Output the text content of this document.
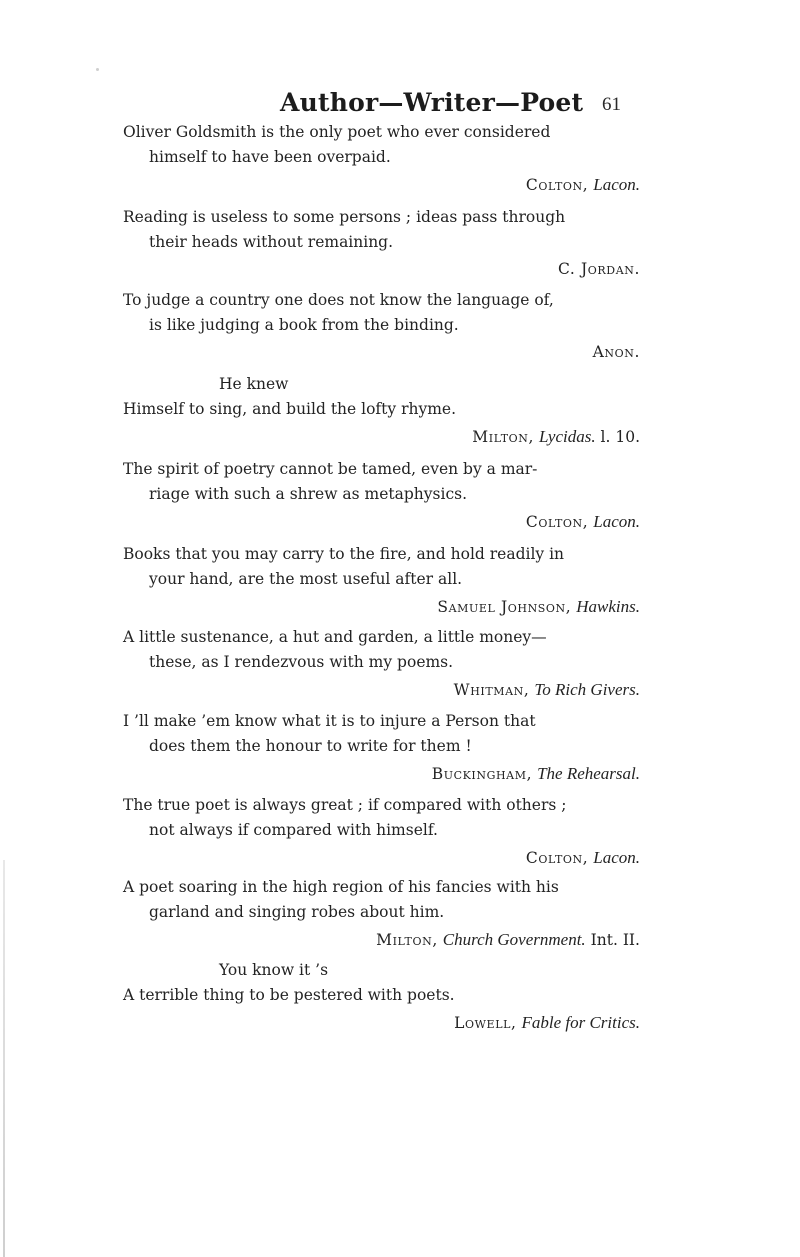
Author—Writer—Poet 61
Oliver Goldsmith is the only poet who ever considered
himself to have been overpaid.
Colton, Lacon.
Reading is useless to some persons ; ideas pass through
their heads without remaining.
C. Jordan.
To judge a country one does not know the language of,
is like judging a book from the binding.
Anon.
He knew
Himself to sing, and build the lofty rhyme.
Milton, Lycidas. l. 10.
The spirit of poetry cannot be tamed, even by a mar-
riage with such a shrew as metaphysics.
Colton, Lacon.
Books that you may carry to the fire, and hold readily in
your hand, are the most useful after all.
Samuel Johnson, Hawkins.
A little sustenance, a hut and garden, a little money—
these, as I rendezvous with my poems.
Whitman, To Rich Givers.
I ’ll make ’em know what it is to injure a Person that
does them the honour to write for them !
Buckingham, The Rehearsal.
The true poet is always great ; if compared with others ;
not always if compared with himself.
Colton, Lacon.
A poet soaring in the high region of his fancies with his
garland and singing robes about him.
Milton, Church Government. Int. II.
You know it ’s
A terrible thing to be pestered with poets.
Lowell, Fable for Critics.
